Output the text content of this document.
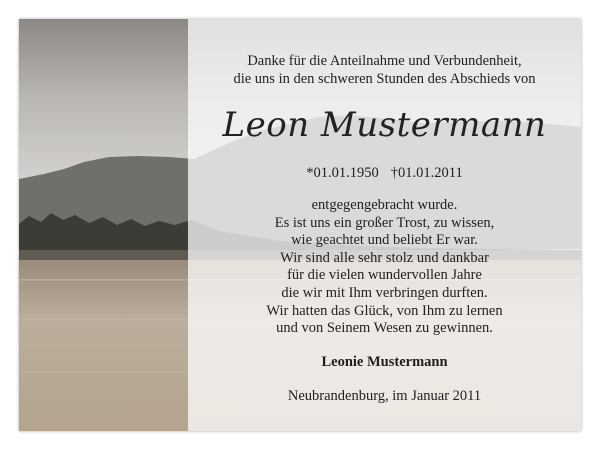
Danke für die Anteilnahme und Verbundenheit,
die uns in den schweren Stunden des Abschieds von
Leon Mustermann
*01.01.1950 †01.01.2011
entgegengebracht wurde.
Es ist uns ein großer Trost, zu wissen,
wie geachtet und beliebt Er war.
Wir sind alle sehr stolz und dankbar
für die vielen wundervollen Jahre
die wir mit Ihm verbringen durften.
Wir hatten das Glück, von Ihm zu lernen
und von Seinem Wesen zu gewinnen.
Leonie Mustermann
Neubrandenburg, im Januar 2011
